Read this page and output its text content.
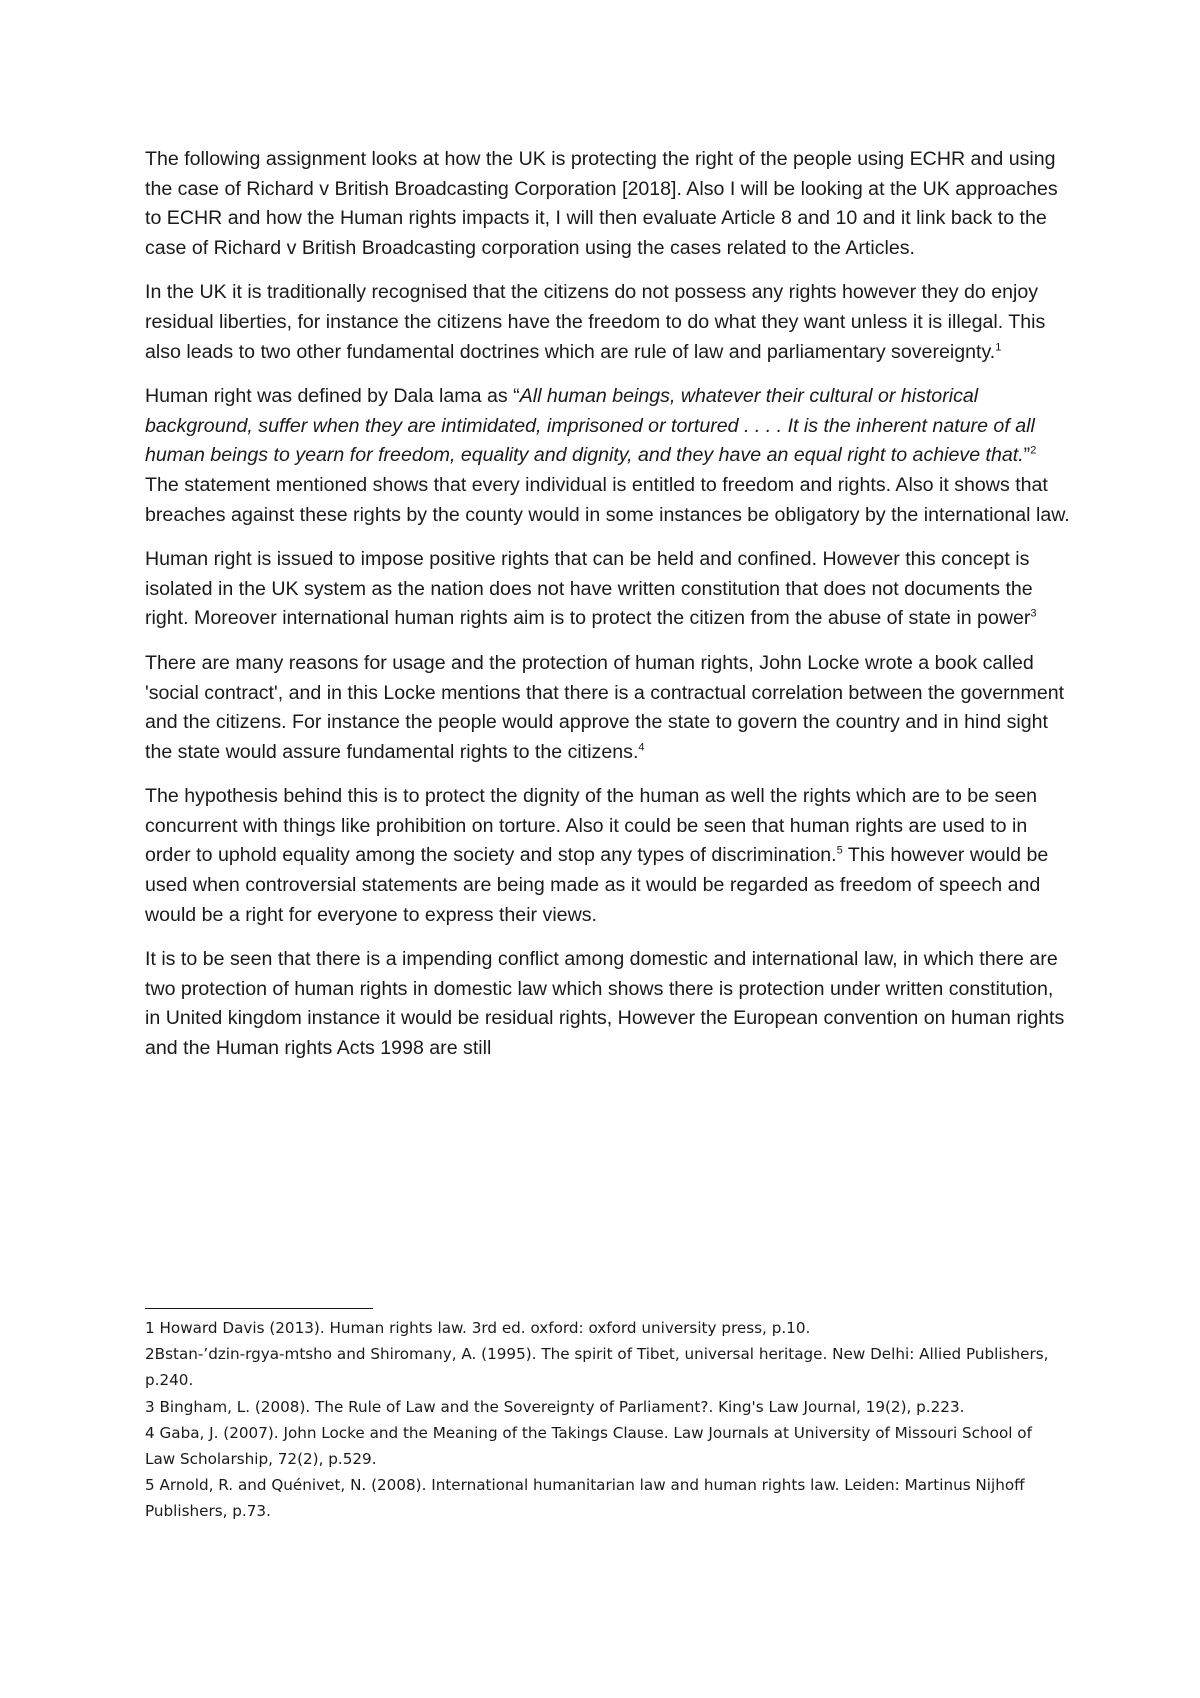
The following assignment looks at how the UK is protecting the right of the people using ECHR and using the case of Richard v British Broadcasting Corporation [2018]. Also I will be looking at the UK approaches to ECHR and how the Human rights impacts it, I will then evaluate Article 8 and 10 and it link back to the case of Richard v British Broadcasting corporation using the cases related to the Articles.

In the UK it is traditionally recognised that the citizens do not possess any rights however they do enjoy residual liberties, for instance the citizens have the freedom to do what they want unless it is illegal. This also leads to two other fundamental doctrines which are rule of law and parliamentary sovereignty.$^1$

Human right was defined by Dala lama as “All human beings, whatever their cultural or historical background, suffer when they are intimidated, imprisoned or tortured . . . . It is the inherent nature of all human beings to yearn for freedom, equality and dignity, and they have an equal right to achieve that.”$^2$ The statement mentioned shows that every individual is entitled to freedom and rights. Also it shows that breaches against these rights by the county would in some instances be obligatory by the international law.

Human right is issued to impose positive rights that can be held and confined. However this concept is isolated in the UK system as the nation does not have written constitution that does not documents the right. Moreover international human rights aim is to protect the citizen from the abuse of state in power$^3$

There are many reasons for usage and the protection of human rights, John Locke wrote a book called 'social contract', and in this Locke mentions that there is a contractual correlation between the government and the citizens. For instance the people would approve the state to govern the country and in hind sight the state would assure fundamental rights to the citizens.$^4$

The hypothesis behind this is to protect the dignity of the human as well the rights which are to be seen concurrent with things like prohibition on torture. Also it could be seen that human rights are used to in order to uphold equality among the society and stop any types of discrimination.$^5$ This however would be used when controversial statements are being made as it would be regarded as freedom of speech and would be a right for everyone to express their views.

It is to be seen that there is a impending conflict among domestic and international law, in which there are two protection of human rights in domestic law which shows there is protection under written constitution, in United kingdom instance it would be residual rights, However the European convention on human rights and the Human rights Acts 1998 are still

1 Howard Davis (2013). Human rights law. 3rd ed. oxford: oxford university press, p.10.

2Bstan-’dzin-rgya-mtsho and Shiromany, A. (1995). The spirit of Tibet, universal heritage. New Delhi: Allied Publishers, p.240.

3 Bingham, L. (2008). The Rule of Law and the Sovereignty of Parliament?. King's Law Journal, 19(2), p.223.

4 Gaba, J. (2007). John Locke and the Meaning of the Takings Clause. Law Journals at University of Missouri School of Law Scholarship, 72(2), p.529.

5 Arnold, R. and Quénivet, N. (2008). International humanitarian law and human rights law. Leiden: Martinus Nijhoff Publishers, p.73.
